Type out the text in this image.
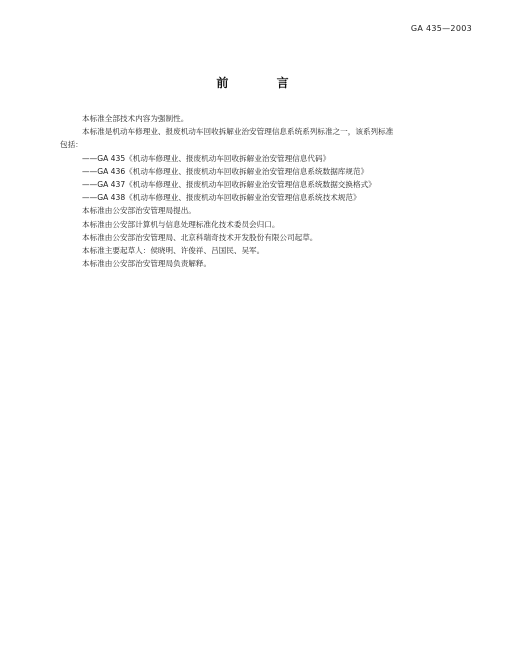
GA 435—2003
前 言

本标准全部技术内容为强制性。

本标准是机动车修理业、报废机动车回收拆解业治安管理信息系统系列标准之一，该系列标准

包括：

——GA 435《机动车修理业、报废机动车回收拆解业治安管理信息代码》

——GA 436《机动车修理业、报废机动车回收拆解业治安管理信息系统数据库规范》

——GA 437《机动车修理业、报废机动车回收拆解业治安管理信息系统数据交换格式》

——GA 438《机动车修理业、报废机动车回收拆解业治安管理信息系统技术规范》

本标准由公安部治安管理局提出。

本标准由公安部计算机与信息处理标准化技术委员会归口。

本标准由公安部治安管理局、北京科瑞奇技术开发股份有限公司起草。

本标准主要起草人：侯晓明、许俊祥、吕国民、吴军。

本标准由公安部治安管理局负责解释。
